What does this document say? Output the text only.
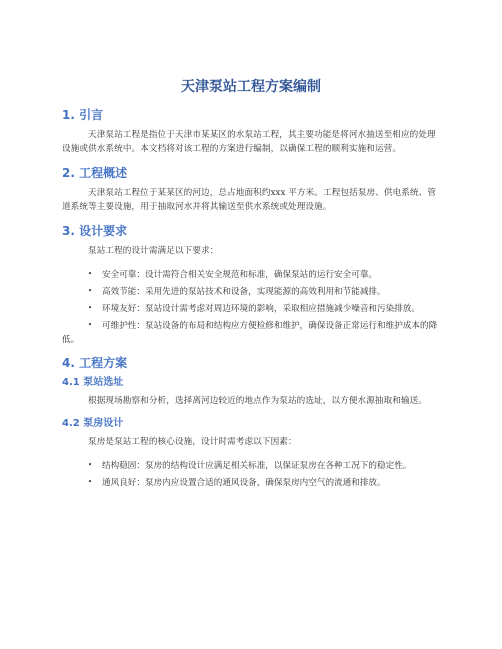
天津泵站工程方案编制
1. 引言

天津泵站工程是指位于天津市某某区的水泵站工程，其主要功能是将河水抽送至相应的处理设施或供水系统中。本文档将对该工程的方案进行编制，以确保工程的顺利实施和运营。

2. 工程概述

天津泵站工程位于某某区的河边，总占地面积约xxx 平方米。工程包括泵房、供电系统、管道系统等主要设施，用于抽取河水并将其输送至供水系统或处理设施。

3. 设计要求

泵站工程的设计需满足以下要求：

• 安全可靠：设计需符合相关安全规范和标准，确保泵站的运行安全可靠。
• 高效节能：采用先进的泵站技术和设备，实现能源的高效利用和节能减排。
• 环境友好：泵站设计需考虑对周边环境的影响，采取相应措施减少噪音和污染排放。
• 可维护性：泵站设备的布局和结构应方便检修和维护，确保设备正常运行和维护成本的降低。
4. 工程方案
4.1 泵站选址

根据现场勘察和分析，选择离河边较近的地点作为泵站的选址，以方便水源抽取和输送。

4.2 泵房设计

泵房是泵站工程的核心设施，设计时需考虑以下因素：

• 结构稳固：泵房的结构设计应满足相关标准，以保证泵房在各种工况下的稳定性。
• 通风良好：泵房内应设置合适的通风设备，确保泵房内空气的流通和排放。
